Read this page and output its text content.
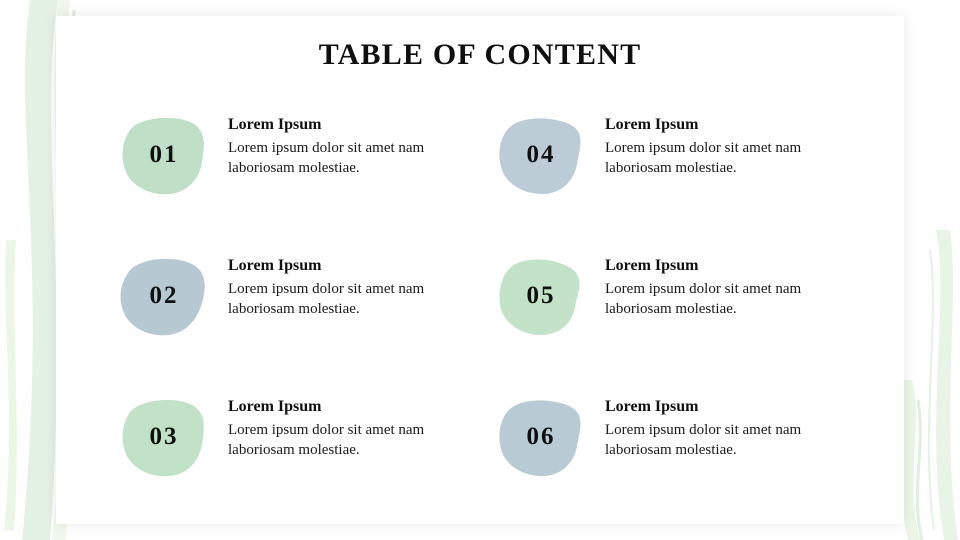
TABLE OF CONTENT
01
Lorem Ipsum
Lorem ipsum dolor sit amet nam laboriosam molestiae.	04
Lorem Ipsum
Lorem ipsum dolor sit amet nam laboriosam molestiae.
02
Lorem Ipsum
Lorem ipsum dolor sit amet nam laboriosam molestiae.	05
Lorem Ipsum
Lorem ipsum dolor sit amet nam laboriosam molestiae.
03
Lorem Ipsum
Lorem ipsum dolor sit amet nam laboriosam molestiae.	06
Lorem Ipsum
Lorem ipsum dolor sit amet nam laboriosam molestiae.
